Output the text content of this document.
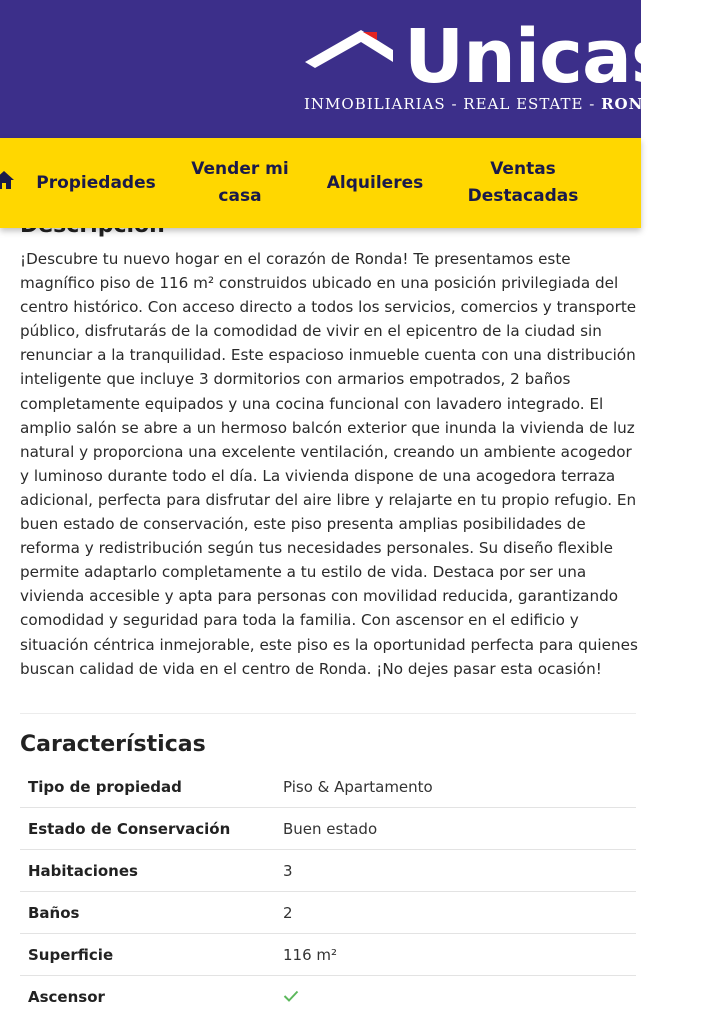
Unicasa
INMOBILIARIAS - REAL ESTATE - RONDA
Propiedades
Vender mi casa
Alquileres
Ventas Destacadas

¡Descubre tu nuevo hogar en el corazón de Ronda! Te presentamos este magnífico piso de 116 m² construidos ubicado en una posición privilegiada del centro histórico. Con acceso directo a todos los servicios, comercios y transporte público, disfrutarás de la comodidad de vivir en el epicentro de la ciudad sin renunciar a la tranquilidad. Este espacioso inmueble cuenta con una distribución inteligente que incluye 3 dormitorios con armarios empotrados, 2 baños completamente equipados y una cocina funcional con lavadero integrado. El amplio salón se abre a un hermoso balcón exterior que inunda la vivienda de luz natural y proporciona una excelente ventilación, creando un ambiente acogedor y luminoso durante todo el día. La vivienda dispone de una acogedora terraza adicional, perfecta para disfrutar del aire libre y relajarte en tu propio refugio. En buen estado de conservación, este piso presenta amplias posibilidades de reforma y redistribución según tus necesidades personales. Su diseño flexible permite adaptarlo completamente a tu estilo de vida. Destaca por ser una vivienda accesible y apta para personas con movilidad reducida, garantizando comodidad y seguridad para toda la familia. Con ascensor en el edificio y situación céntrica inmejorable, este piso es la oportunidad perfecta para quienes buscan calidad de vida en el centro de Ronda. ¡No dejes pasar esta ocasión!

Características
Tipo de propiedad	Piso & Apartamento
Estado de Conservación	Buen estado
Habitaciones	3
Baños	2
Superficie	116 m²
Ascensor
